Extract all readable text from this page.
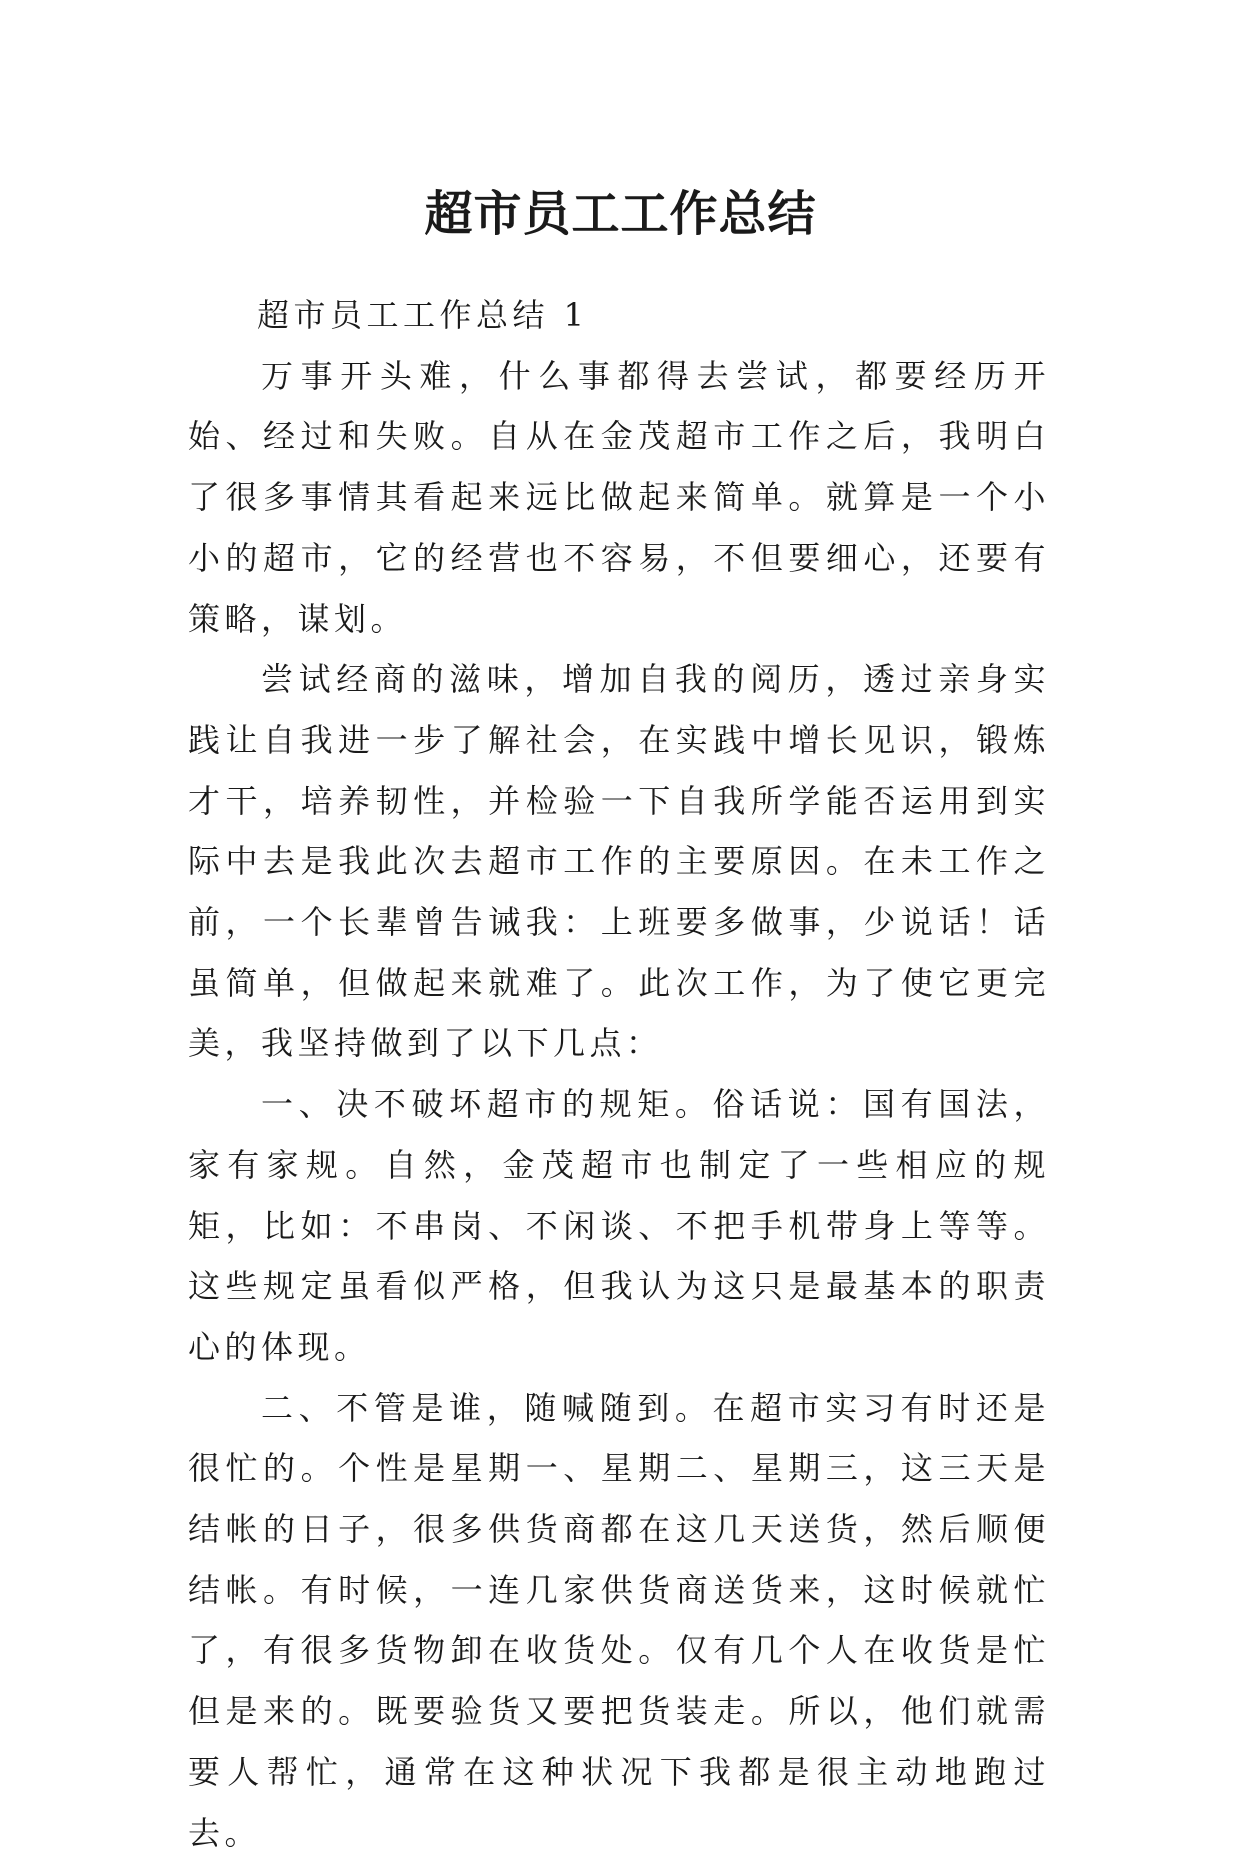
超市员工工作总结

超市员工工作总结 1

万事开头难，什么事都得去尝试，都要经历开始、经过和失败。自从在金茂超市工作之后，我明白了很多事情其看起来远比做起来简单。就算是一个小小的超市，它的经营也不容易，不但要细心，还要有策略，谋划。

尝试经商的滋味，增加自我的阅历，透过亲身实践让自我进一步了解社会，在实践中增长见识，锻炼才干，培养韧性，并检验一下自我所学能否运用到实际中去是我此次去超市工作的主要原因。在未工作之前，一个长辈曾告诫我：上班要多做事，少说话！话虽简单，但做起来就难了。此次工作，为了使它更完美，我坚持做到了以下几点：

一、决不破坏超市的规矩。俗话说：国有国法，家有家规。自然，金茂超市也制定了一些相应的规矩，比如：不串岗、不闲谈、不把手机带身上等等。这些规定虽看似严格，但我认为这只是最基本的职责心的体现。

二、不管是谁，随喊随到。在超市实习有时还是很忙的。个性是星期一、星期二、星期三，这三天是结帐的日子，很多供货商都在这几天送货，然后顺便结帐。有时候，一连几家供货商送货来，这时候就忙了，有很多货物卸在收货处。仅有几个人在收货是忙但是来的。既要验货又要把货装走。所以，他们就需要人帮忙，通常在这种状况下我都是很主动地跑过去。
